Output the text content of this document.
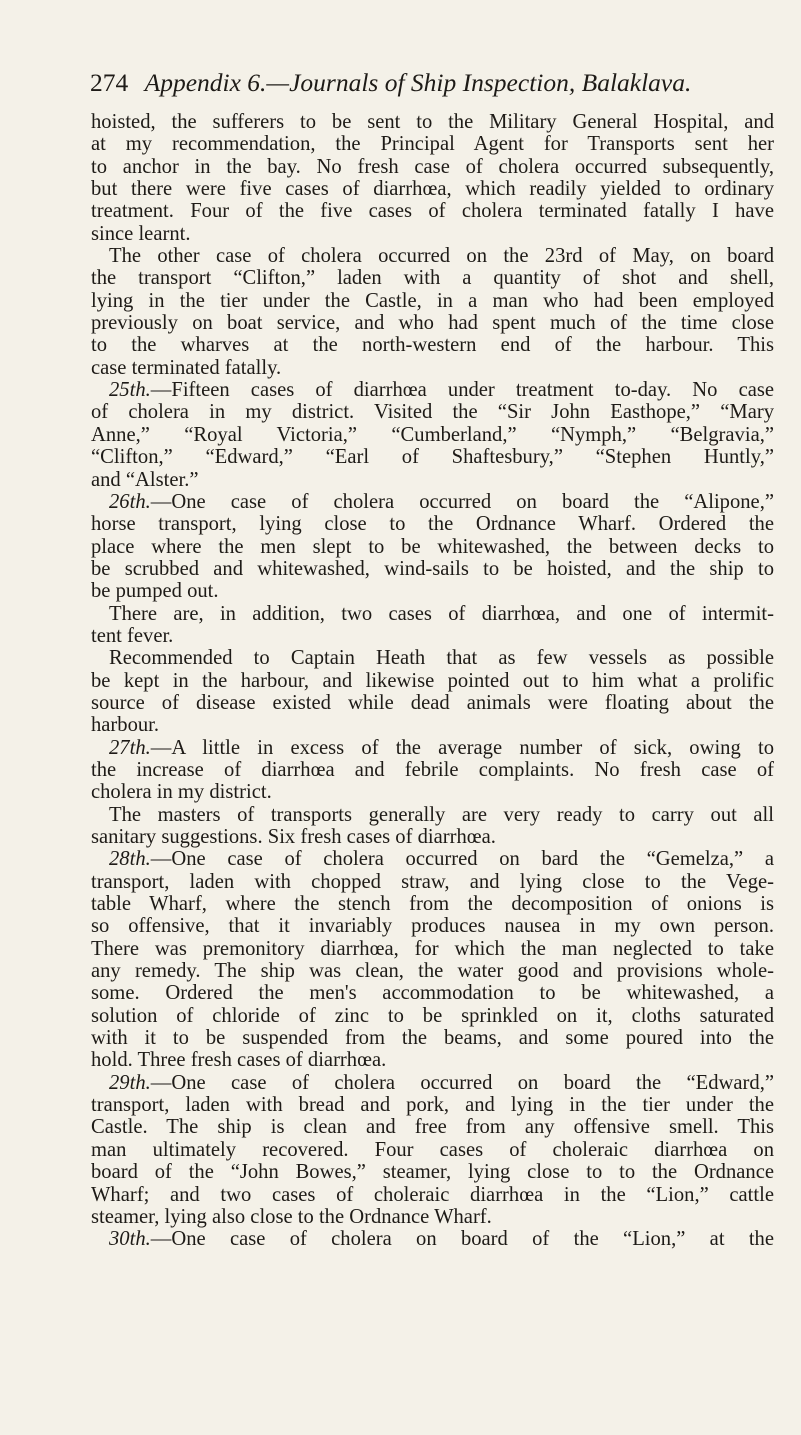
274 Appendix 6.—Journals of Ship Inspection, Balaklava.
hoisted, the sufferers to be sent to the Military General Hospital, and
at my recommendation, the Principal Agent for Transports sent her
to anchor in the bay. No fresh case of cholera occurred subsequently,
but there were five cases of diarrhœa, which readily yielded to ordinary
treatment. Four of the five cases of cholera terminated fatally I have
since learnt.
The other case of cholera occurred on the 23rd of May, on board
the transport “Clifton,” laden with a quantity of shot and shell,
lying in the tier under the Castle, in a man who had been employed
previously on boat service, and who had spent much of the time close
to the wharves at the north-western end of the harbour. This
case terminated fatally.
25th.—Fifteen cases of diarrhœa under treatment to-day. No case
of cholera in my district. Visited the “Sir John Easthope,” “Mary
Anne,” “Royal Victoria,” “Cumberland,” “Nymph,” “Belgravia,”
“Clifton,” “Edward,” “Earl of Shaftesbury,” “Stephen Huntly,”
and “Alster.”
26th.—One case of cholera occurred on board the “Alipone,”
horse transport, lying close to the Ordnance Wharf. Ordered the
place where the men slept to be whitewashed, the between decks to
be scrubbed and whitewashed, wind-sails to be hoisted, and the ship to
be pumped out.
There are, in addition, two cases of diarrhœa, and one of intermit-
tent fever.
Recommended to Captain Heath that as few vessels as possible
be kept in the harbour, and likewise pointed out to him what a prolific
source of disease existed while dead animals were floating about the
harbour.
27th.—A little in excess of the average number of sick, owing to
the increase of diarrhœa and febrile complaints. No fresh case of
cholera in my district.
The masters of transports generally are very ready to carry out all
sanitary suggestions. Six fresh cases of diarrhœa.
28th.—One case of cholera occurred on bard the “Gemelza,” a
transport, laden with chopped straw, and lying close to the Vege-
table Wharf, where the stench from the decomposition of onions is
so offensive, that it invariably produces nausea in my own person.
There was premonitory diarrhœa, for which the man neglected to take
any remedy. The ship was clean, the water good and provisions whole-
some. Ordered the men's accommodation to be whitewashed, a
solution of chloride of zinc to be sprinkled on it, cloths saturated
with it to be suspended from the beams, and some poured into the
hold. Three fresh cases of diarrhœa.
29th.—One case of cholera occurred on board the “Edward,”
transport, laden with bread and pork, and lying in the tier under the
Castle. The ship is clean and free from any offensive smell. This
man ultimately recovered. Four cases of choleraic diarrhœa on
board of the “John Bowes,” steamer, lying close to to the Ordnance
Wharf; and two cases of choleraic diarrhœa in the “Lion,” cattle
steamer, lying also close to the Ordnance Wharf.
30th.—One case of cholera on board of the “Lion,” at the
